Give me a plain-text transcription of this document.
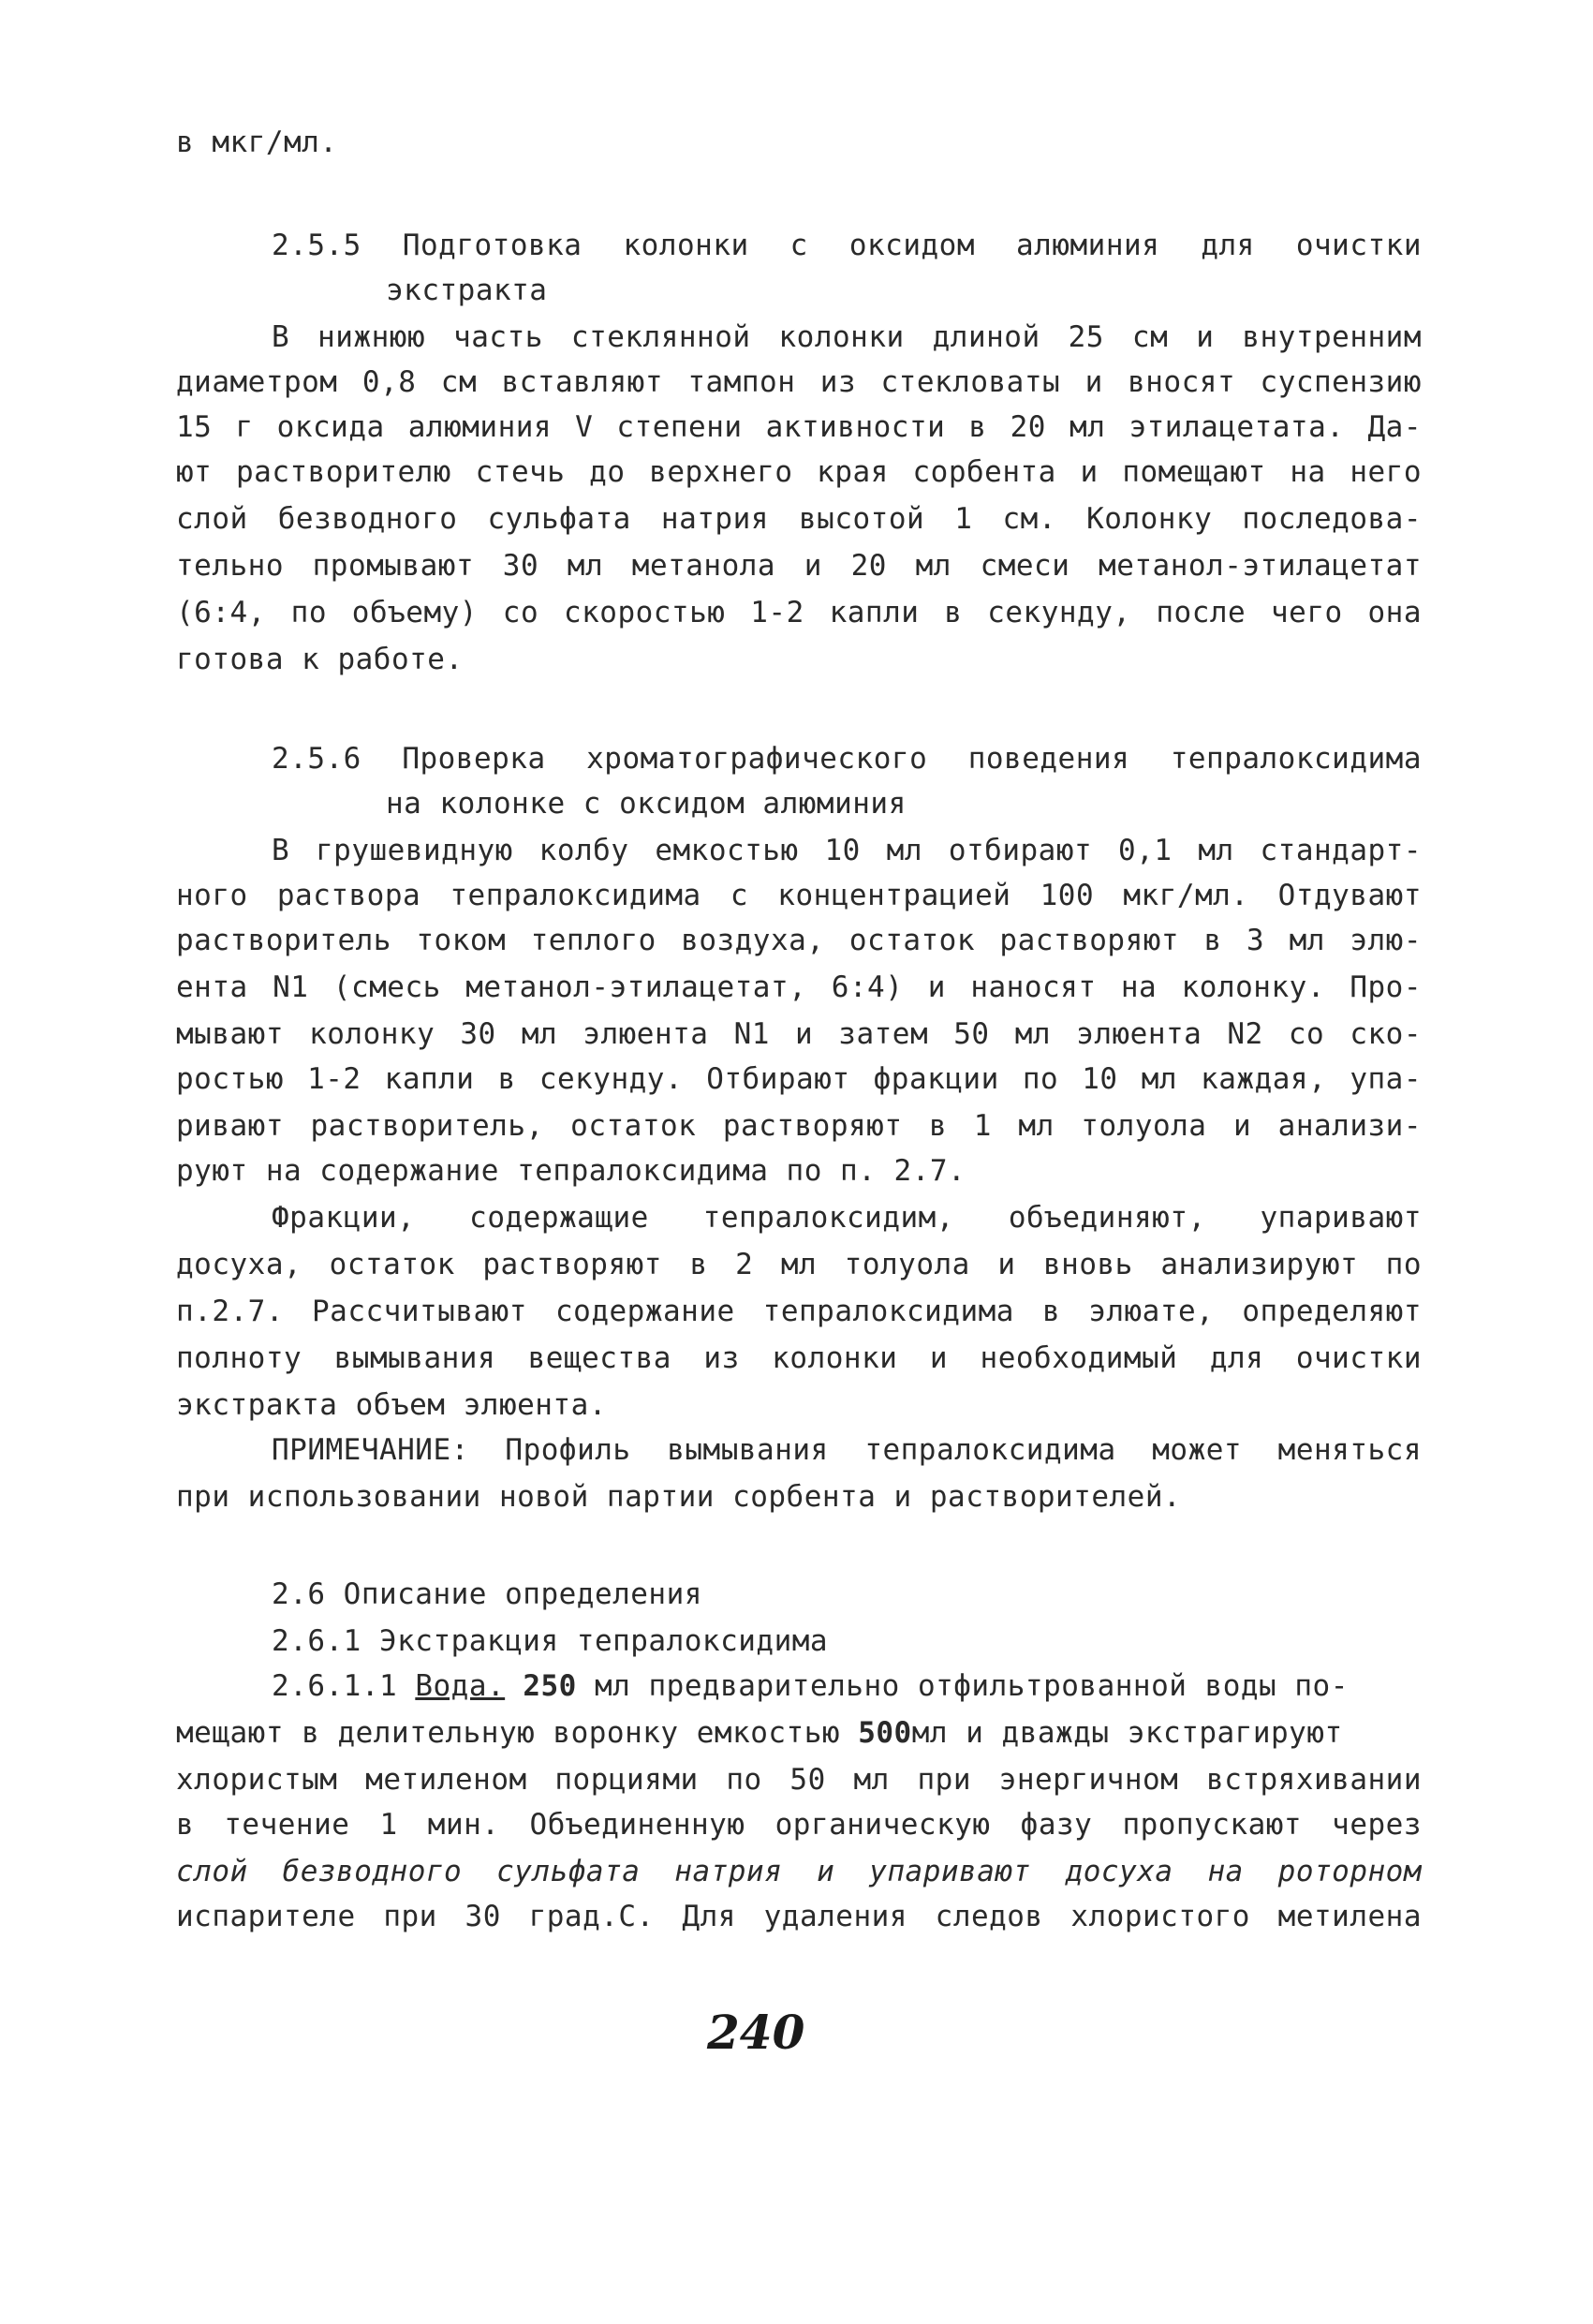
в мкг/мл.
2.5.5 Подготовка колонки с оксидом алюминия для очистки
экстракта
В нижнюю часть стеклянной колонки длиной 25 см и внутренним
диаметром 0,8 см вставляют тампон из стекловаты и вносят суспензию
15 г оксида алюминия V степени активности в 20 мл этилацетата. Да-
ют растворителю стечь до верхнего края сорбента и помещают на него
слой безводного сульфата натрия высотой 1 см. Колонку последова-
тельно промывают 30 мл метанола и 20 мл смеси метанол-этилацетат
(6:4, по объему) со скоростью 1-2 капли в секунду, после чего она
готова к работе.
2.5.6 Проверка хроматографического поведения тепралоксидима
на колонке с оксидом алюминия
В грушевидную колбу емкостью 10 мл отбирают 0,1 мл стандарт-
ного раствора тепралоксидима с концентрацией 100 мкг/мл. Отдувают
растворитель током теплого воздуха, остаток растворяют в 3 мл элю-
ента N1 (смесь метанол-этилацетат, 6:4) и наносят на колонку. Про-
мывают колонку 30 мл элюента N1 и затем 50 мл элюента N2 со ско-
ростью 1-2 капли в секунду. Отбирают фракции по 10 мл каждая, упа-
ривают растворитель, остаток растворяют в 1 мл толуола и анализи-
руют на содержание тепралоксидима по п. 2.7.
Фракции, содержащие тепралоксидим, объединяют, упаривают
досуха, остаток растворяют в 2 мл толуола и вновь анализируют по
п.2.7. Рассчитывают содержание тепралоксидима в элюате, определяют
полноту вымывания вещества из колонки и необходимый для очистки
экстракта объем элюента.
ПРИМЕЧАНИЕ: Профиль вымывания тепралоксидима может меняться
при использовании новой партии сорбента и растворителей.
2.6 Описание определения
2.6.1 Экстракция тепралоксидима
2.6.1.1 Вода. 250 мл предварительно отфильтрованной воды по-
мещают в делительную воронку емкостью 500мл и дважды экстрагируют
хлористым метиленом порциями по 50 мл при энергичном встряхивании
в течение 1 мин. Объединенную органическую фазу пропускают через
слой безводного сульфата натрия и упаривают досуха на роторном
испарителе при 30 град.С. Для удаления следов хлористого метилена
240
